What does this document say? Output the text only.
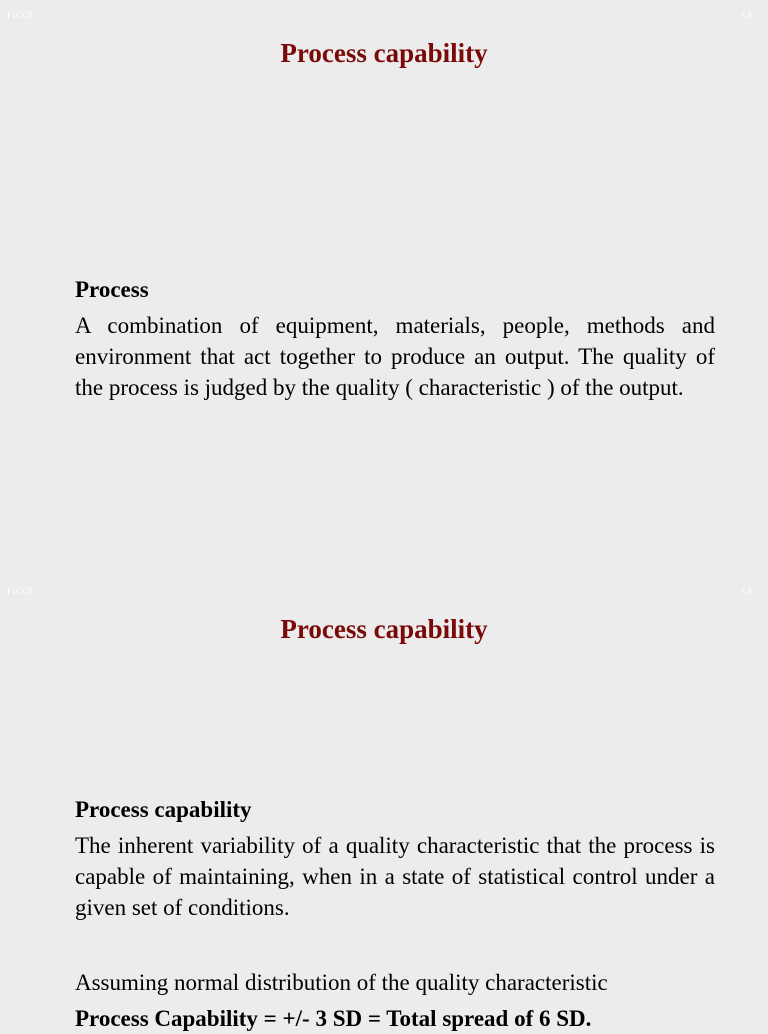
FICCI	CE
Process capability
Process
A combination of equipment, materials, people, methods and environment that act together to produce an output. The quality of the process is judged by the quality ( characteristic ) of the output.
FICCI	CE
Process capability
Process capability
The inherent variability of a quality characteristic that the process is capable of maintaining, when in a state of statistical control under a given set of conditions.
Assuming normal distribution of the quality characteristic
Process Capability = +/- 3 SD = Total spread of 6 SD.
